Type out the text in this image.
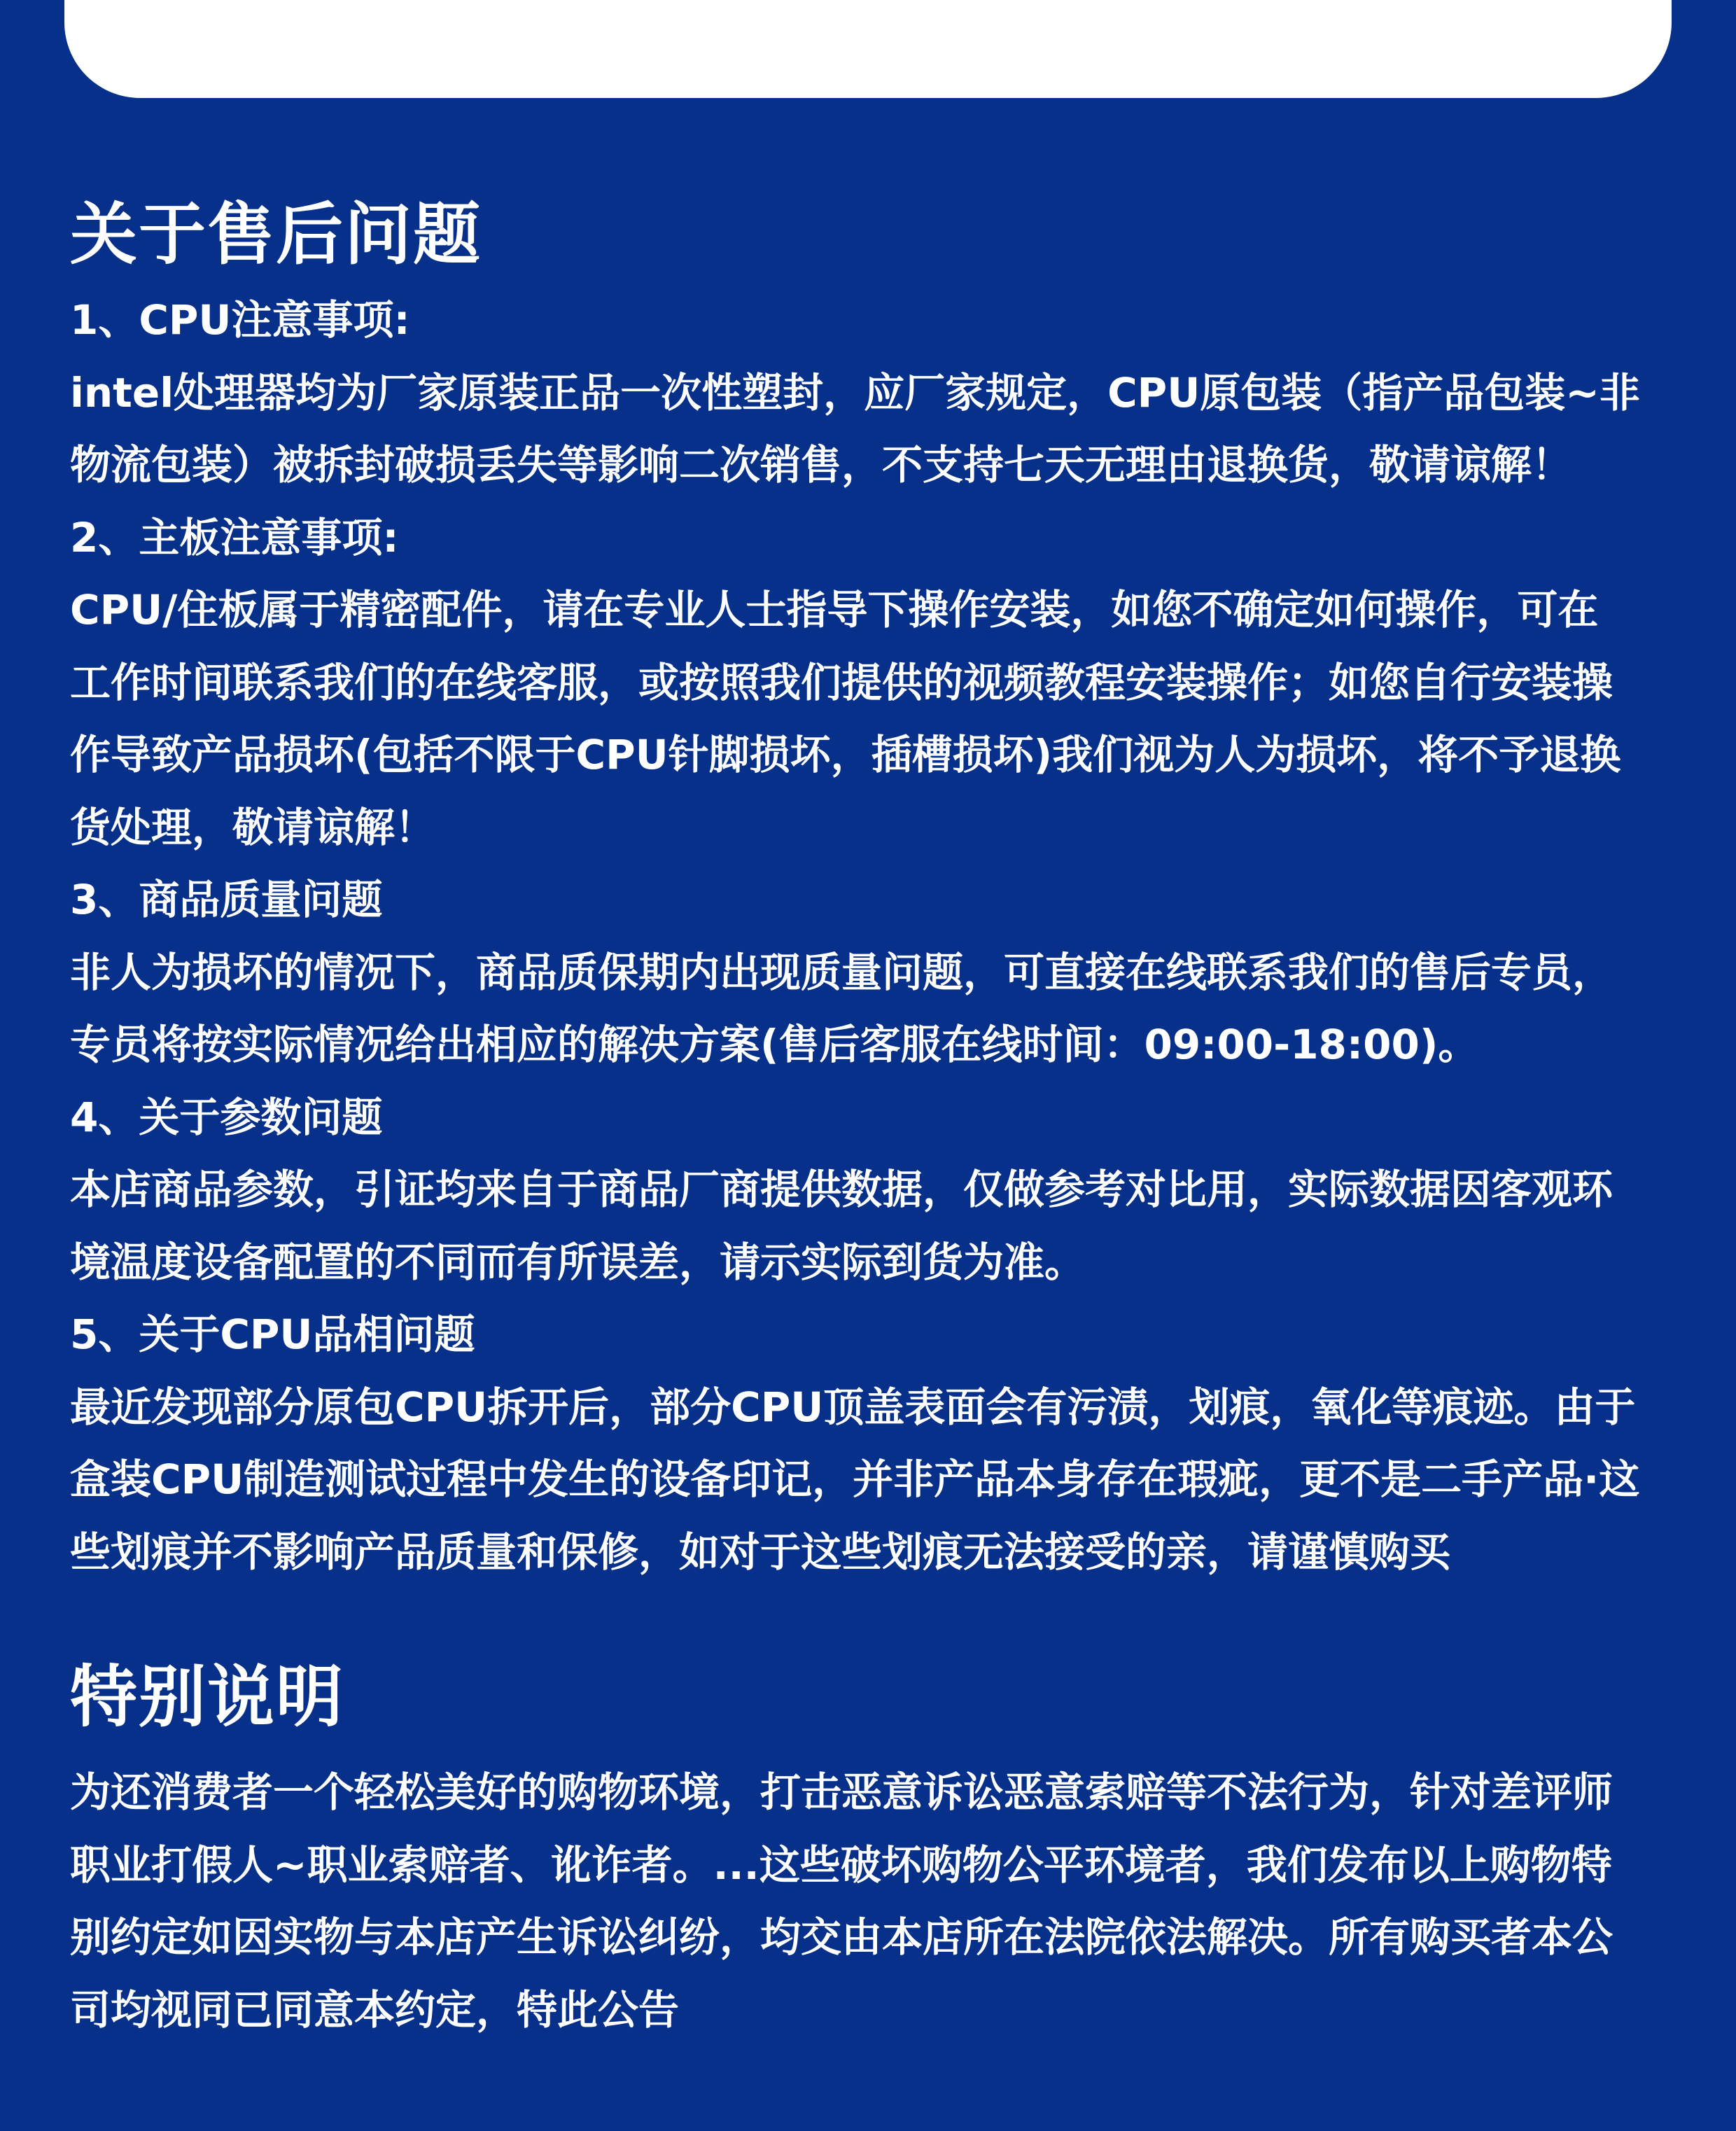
关于售后问题

1、CPU注意事项:

intel处理器均为厂家原装正品一次性塑封，应厂家规定，CPU原包装（指产品包装~非
物流包装）被拆封破损丢失等影响二次销售，不支持七天无理由退换货，敬请谅解！

2、主板注意事项:

CPU/住板属于精密配件，请在专业人士指导下操作安装，如您不确定如何操作，可在
工作时间联系我们的在线客服，或按照我们提供的视频教程安装操作；如您自行安装操
作导致产品损坏(包括不限于CPU针脚损坏，插槽损坏)我们视为人为损坏，将不予退换
货处理，敬请谅解！

3、商品质量问题

非人为损坏的情况下，商品质保期内出现质量问题，可直接在线联系我们的售后专员，
专员将按实际情况给出相应的解决方案(售后客服在线时间：09:00-18:00)。

4、关于参数问题

本店商品参数，引证均来自于商品厂商提供数据，仅做参考对比用，实际数据因客观环
境温度设备配置的不同而有所误差，请示实际到货为准。

5、关于CPU品相问题

最近发现部分原包CPU拆开后，部分CPU顶盖表面会有污渍，划痕，氧化等痕迹。由于
盒装CPU制造测试过程中发生的设备印记，并非产品本身存在瑕疵，更不是二手产品·这
些划痕并不影响产品质量和保修，如对于这些划痕无法接受的亲，请谨慎购买

特别说明

为还消费者一个轻松美好的购物环境，打击恶意诉讼恶意索赔等不法行为，针对差评师
职业打假人~职业索赔者、讹诈者。...这些破坏购物公平环境者，我们发布以上购物特
别约定如因实物与本店产生诉讼纠纷，均交由本店所在法院依法解决。所有购买者本公
司均视同已同意本约定，特此公告
